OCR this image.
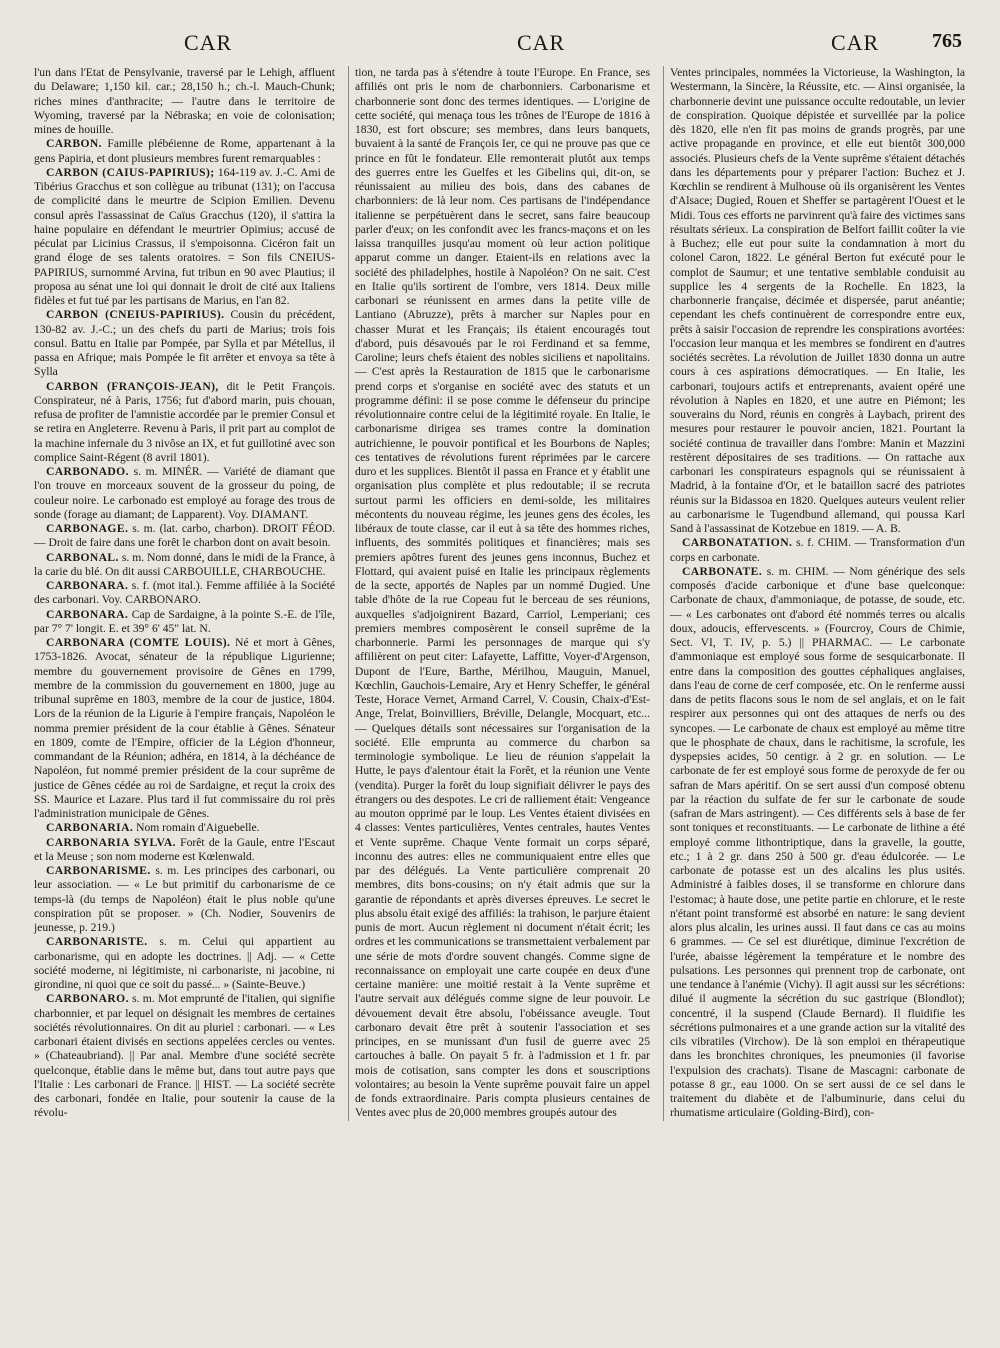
CAR	CAR	CAR	765

l'un dans l'Etat de Pensylvanie, traversé par le Lehigh, affluent du Delaware; 1,150 kil. car.; 28,150 h.; ch.-l. Mauch-Chunk; riches mines d'anthracite; — l'autre dans le territoire de Wyoming, traversé par la Nébraska; en voie de colonisation; mines de houille.

CARBON. Famille plébéienne de Rome, appartenant à la gens Papiria, et dont plusieurs membres furent remarquables :

CARBON (CAIUS-PAPIRIUS); 164-119 av. J.-C. Ami de Tibérius Gracchus et son collègue au tribunat (131); on l'accusa de complicité dans le meurtre de Scipion Emilien. Devenu consul après l'assassinat de Caïus Gracchus (120), il s'attira la haine populaire en défendant le meurtrier Opimius; accusé de péculat par Licinius Crassus, il s'empoisonna. Cicéron fait un grand éloge de ses talents oratoires. = Son fils CNEIUS-PAPIRIUS, surnommé Arvina, fut tribun en 90 avec Plautius; il proposa au sénat une loi qui donnait le droit de cité aux Italiens fidèles et fut tué par les partisans de Marius, en l'an 82.

CARBON (CNEIUS-PAPIRIUS). Cousin du précédent, 130-82 av. J.-C.; un des chefs du parti de Marius; trois fois consul. Battu en Italie par Pompée, par Sylla et par Métellus, il passa en Afrique; mais Pompée le fit arrêter et envoya sa tête à Sylla

CARBON (FRANÇOIS-JEAN), dit le Petit François. Conspirateur, né à Paris, 1756; fut d'abord marin, puis chouan, refusa de profiter de l'amnistie accordée par le premier Consul et se retira en Angleterre. Revenu à Paris, il prit part au complot de la machine infernale du 3 nivôse an IX, et fut guillotiné avec son complice Saint-Régent (8 avril 1801).

CARBONADO. s. m. MINÉR. — Variété de diamant que l'on trouve en morceaux souvent de la grosseur du poing, de couleur noire. Le carbonado est employé au forage des trous de sonde (forage au diamant; de Lapparent). Voy. DIAMANT.

CARBONAGE. s. m. (lat. carbo, charbon). DROIT FÉOD. — Droit de faire dans une forêt le charbon dont on avait besoin.

CARBONAL. s. m. Nom donné, dans le midi de la France, à la carie du blé. On dit aussi CARBOUILLE, CHARBOUCHE.

CARBONARA. s. f. (mot ital.). Femme affiliée à la Société des carbonari. Voy. CARBONARO.

CARBONARA. Cap de Sardaigne, à la pointe S.-E. de l'île, par 7° 7' longit. E. et 39° 6' 45" lat. N.

CARBONARA (COMTE LOUIS). Né et mort à Gênes, 1753-1826. Avocat, sénateur de la république Ligurienne; membre du gouvernement provisoire de Gênes en 1799, membre de la commission du gouvernement en 1800, juge au tribunal suprême en 1803, membre de la cour de justice, 1804. Lors de la réunion de la Ligurie à l'empire français, Napoléon le nomma premier président de la cour établie à Gênes. Sénateur en 1809, comte de l'Empire, officier de la Légion d'honneur, commandant de la Réunion; adhéra, en 1814, à la déchéance de Napoléon, fut nommé premier président de la cour suprême de justice de Gênes cédée au roi de Sardaigne, et reçut la croix des SS. Maurice et Lazare. Plus tard il fut commissaire du roi près l'administration municipale de Gênes.

CARBONARIA. Nom romain d'Aiguebelle.

CARBONARIA SYLVA. Forêt de la Gaule, entre l'Escaut et la Meuse ; son nom moderne est Kœlenwald.

CARBONARISME. s. m. Les principes des carbonari, ou leur association. — « Le but primitif du carbonarisme de ce temps-là (du temps de Napoléon) était le plus noble qu'une conspiration pût se proposer. » (Ch. Nodier, Souvenirs de jeunesse, p. 219.)

CARBONARISTE. s. m. Celui qui appartient au carbonarisme, qui en adopte les doctrines. || Adj. — « Cette société moderne, ni légitimiste, ni carbonariste, ni jacobine, ni girondine, ni quoi que ce soit du passé... » (Sainte-Beuve.)

CARBONARO. s. m. Mot emprunté de l'italien, qui signifie charbonnier, et par lequel on désignait les membres de certaines sociétés révolutionnaires. On dit au pluriel : carbonari. — « Les carbonari étaient divisés en sections appelées cercles ou ventes. » (Chateaubriand). || Par anal. Membre d'une société secrète quelconque, établie dans le même but, dans tout autre pays que l'Italie : Les carbonari de France. || HIST. — La société secrète des carbonari, fondée en Italie, pour soutenir la cause de la révolu-

tion, ne tarda pas à s'étendre à toute l'Europe. En France, ses affiliés ont pris le nom de charbonniers. Carbonarisme et charbonnerie sont donc des termes identiques. — L'origine de cette société, qui menaça tous les trônes de l'Europe de 1816 à 1830, est fort obscure; ses membres, dans leurs banquets, buvaient à la santé de François Ier, ce qui ne prouve pas que ce prince en fût le fondateur. Elle remonterait plutôt aux temps des guerres entre les Guelfes et les Gibelins qui, dit-on, se réunissaient au milieu des bois, dans des cabanes de charbonniers: de là leur nom. Ces partisans de l'indépendance italienne se perpétuèrent dans le secret, sans faire beaucoup parler d'eux; on les confondit avec les francs-maçons et on les laissa tranquilles jusqu'au moment où leur action politique apparut comme un danger. Etaient-ils en relations avec la société des philadelphes, hostile à Napoléon? On ne sait. C'est en Italie qu'ils sortirent de l'ombre, vers 1814. Deux mille carbonari se réunissent en armes dans la petite ville de Lantiano (Abruzze), prêts à marcher sur Naples pour en chasser Murat et les Français; ils étaient encouragés tout d'abord, puis désavoués par le roi Ferdinand et sa femme, Caroline; leurs chefs étaient des nobles siciliens et napolitains. — C'est après la Restauration de 1815 que le carbonarisme prend corps et s'organise en société avec des statuts et un programme défini: il se pose comme le défenseur du principe révolutionnaire contre celui de la légitimité royale. En Italie, le carbonarisme dirigea ses trames contre la domination autrichienne, le pouvoir pontifical et les Bourbons de Naples; ces tentatives de révolutions furent réprimées par le carcere duro et les supplices. Bientôt il passa en France et y établit une organisation plus complète et plus redoutable; il se recruta surtout parmi les officiers en demi-solde, les militaires mécontents du nouveau régime, les jeunes gens des écoles, les libéraux de toute classe, car il eut à sa tête des hommes riches, influents, des sommités politiques et financières; mais ses premiers apôtres furent des jeunes gens inconnus, Buchez et Flottard, qui avaient puisé en Italie les principaux règlements de la secte, apportés de Naples par un nommé Dugied. Une table d'hôte de la rue Copeau fut le berceau de ses réunions, auxquelles s'adjoignirent Bazard, Carriol, Lemperiani; ces premiers membres composèrent le conseil suprême de la charbonnerie. Parmi les personnages de marque qui s'y affilièrent on peut citer: Lafayette, Laffitte, Voyer-d'Argenson, Dupont de l'Eure, Barthe, Mérilhou, Mauguin, Manuel, Kœchlin, Gauchois-Lemaire, Ary et Henry Scheffer, le général Teste, Horace Vernet, Armand Carrel, V. Cousin, Chaix-d'Est-Ange, Trelat, Boinvilliers, Bréville, Delangle, Mocquart, etc... — Quelques détails sont nécessaires sur l'organisation de la société. Elle emprunta au commerce du charbon sa terminologie symbolique. Le lieu de réunion s'appelait la Hutte, le pays d'alentour était la Forêt, et la réunion une Vente (vendita). Purger la forêt du loup signifiait délivrer le pays des étrangers ou des despotes. Le cri de ralliement était: Vengeance au mouton opprimé par le loup. Les Ventes étaient divisées en 4 classes: Ventes particulières, Ventes centrales, hautes Ventes et Vente suprême. Chaque Vente formait un corps séparé, inconnu des autres: elles ne communiquaient entre elles que par des délégués. La Vente particulière comprenait 20 membres, dits bons-cousins; on n'y était admis que sur la garantie de répondants et après diverses épreuves. Le secret le plus absolu était exigé des affiliés: la trahison, le parjure étaient punis de mort. Aucun règlement ni document n'était écrit; les ordres et les communications se transmettaient verbalement par une série de mots d'ordre souvent changés. Comme signe de reconnaissance on employait une carte coupée en deux d'une certaine manière: une moitié restait à la Vente suprême et l'autre servait aux délégués comme signe de leur pouvoir. Le dévouement devait être absolu, l'obéissance aveugle. Tout carbonaro devait être prêt à soutenir l'association et ses principes, en se munissant d'un fusil de guerre avec 25 cartouches à balle. On payait 5 fr. à l'admission et 1 fr. par mois de cotisation, sans compter les dons et souscriptions volontaires; au besoin la Vente suprême pouvait faire un appel de fonds extraordinaire. Paris compta plusieurs centaines de Ventes avec plus de 20,000 membres groupés autour des

Ventes principales, nommées la Victorieuse, la Washington, la Westermann, la Sincère, la Réussite, etc. — Ainsi organisée, la charbonnerie devint une puissance occulte redoutable, un levier de conspiration. Quoique dépistée et surveillée par la police dès 1820, elle n'en fit pas moins de grands progrès, par une active propagande en province, et elle eut bientôt 300,000 associés. Plusieurs chefs de la Vente suprême s'étaient détachés dans les départements pour y préparer l'action: Buchez et J. Kœchlin se rendirent à Mulhouse où ils organisèrent les Ventes d'Alsace; Dugied, Rouen et Sheffer se partagèrent l'Ouest et le Midi. Tous ces efforts ne parvinrent qu'à faire des victimes sans résultats sérieux. La conspiration de Belfort faillit coûter la vie à Buchez; elle eut pour suite la condamnation à mort du colonel Caron, 1822. Le général Berton fut exécuté pour le complot de Saumur; et une tentative semblable conduisit au supplice les 4 sergents de la Rochelle. En 1823, la charbonnerie française, décimée et dispersée, parut anéantie; cependant les chefs continuèrent de correspondre entre eux, prêts à saisir l'occasion de reprendre les conspirations avortées: l'occasion leur manqua et les membres se fondirent en d'autres sociétés secrètes. La révolution de Juillet 1830 donna un autre cours à ces aspirations démocratiques. — En Italie, les carbonari, toujours actifs et entreprenants, avaient opéré une révolution à Naples en 1820, et une autre en Piémont; les souverains du Nord, réunis en congrès à Laybach, prirent des mesures pour restaurer le pouvoir ancien, 1821. Pourtant la société continua de travailler dans l'ombre: Manin et Mazzini restèrent dépositaires de ses traditions. — On rattache aux carbonari les conspirateurs espagnols qui se réunissaient à Madrid, à la fontaine d'Or, et le bataillon sacré des patriotes réunis sur la Bidassoa en 1820. Quelques auteurs veulent relier au carbonarisme le Tugendbund allemand, qui poussa Karl Sand à l'assassinat de Kotzebue en 1819. — A. B.

CARBONATATION. s. f. CHIM. — Transformation d'un corps en carbonate.

CARBONATE. s. m. CHIM. — Nom générique des sels composés d'acide carbonique et d'une base quelconque: Carbonate de chaux, d'ammoniaque, de potasse, de soude, etc. — « Les carbonates ont d'abord été nommés terres ou alcalis doux, adoucis, effervescents. » (Fourcroy, Cours de Chimie, Sect. VI, T. IV, p. 5.) || PHARMAC. — Le carbonate d'ammoniaque est employé sous forme de sesquicarbonate. Il entre dans la composition des gouttes céphaliques anglaises, dans l'eau de corne de cerf composée, etc. On le renferme aussi dans de petits flacons sous le nom de sel anglais, et on le fait respirer aux personnes qui ont des attaques de nerfs ou des syncopes. — Le carbonate de chaux est employé au même titre que le phosphate de chaux, dans le rachitisme, la scrofule, les dyspepsies acides, 50 centigr. à 2 gr. en solution. — Le carbonate de fer est employé sous forme de peroxyde de fer ou safran de Mars apéritif. On se sert aussi d'un composé obtenu par la réaction du sulfate de fer sur le carbonate de soude (safran de Mars astringent). — Ces différents sels à base de fer sont toniques et reconstituants. — Le carbonate de lithine a été employé comme lithontriptique, dans la gravelle, la goutte, etc.; 1 à 2 gr. dans 250 à 500 gr. d'eau édulcorée. — Le carbonate de potasse est un des alcalins les plus usités. Administré à faibles doses, il se transforme en chlorure dans l'estomac; à haute dose, une petite partie en chlorure, et le reste n'étant point transformé est absorbé en nature: le sang devient alors plus alcalin, les urines aussi. Il faut dans ce cas au moins 6 grammes. — Ce sel est diurétique, diminue l'excrétion de l'urée, abaisse légèrement la température et le nombre des pulsations. Les personnes qui prennent trop de carbonate, ont une tendance à l'anémie (Vichy). Il agit aussi sur les sécrétions: dilué il augmente la sécrétion du suc gastrique (Blondlot); concentré, il la suspend (Claude Bernard). Il fluidifie les sécrétions pulmonaires et a une grande action sur la vitalité des cils vibratiles (Virchow). De là son emploi en thérapeutique dans les bronchites chroniques, les pneumonies (il favorise l'expulsion des crachats). Tisane de Mascagni: carbonate de potasse 8 gr., eau 1000. On se sert aussi de ce sel dans le traitement du diabète et de l'albuminurie, dans celui du rhumatisme articulaire (Golding-Bird), con-
